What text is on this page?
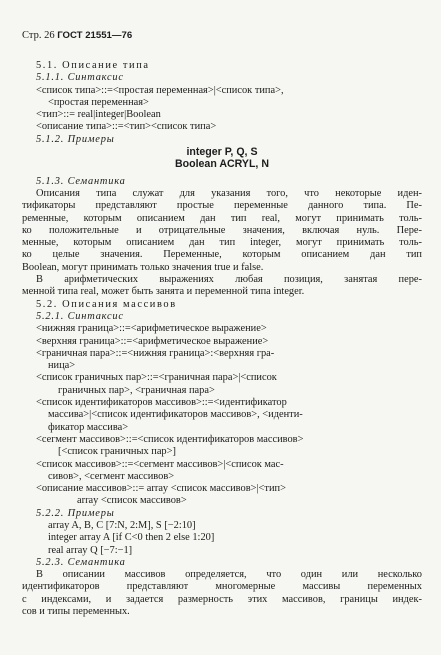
Стр. 26 ГОСТ 21551—76
5.1. Описание типа
5.1.1. Синтаксис
<список типа>::=<простая переменная>|<список типа>,
<простая переменная>
<тип>::= real|integer|Boolean
<описание типа>::=<тип><список типа>
5.1.2. Примеры
integer P, Q, S
Boolean ACRYL, N
5.1.3. Семантика
Описания типа служат для указания того, что некоторые иден-
тификаторы представляют простые переменные данного типа. Пе-
ременные, которым описанием дан тип real, могут принимать толь-
ко положительные и отрицательные значения, включая нуль. Пере-
менные, которым описанием дан тип integer, могут принимать толь-
ко целые значения. Переменные, которым описанием дан тип
Boolean, могут принимать только значения true и false.
В арифметических выражениях любая позиция, занятая пере-
менной типа real, может быть занята и переменной типа integer.
5.2. Описания массивов
5.2.1. Синтаксис
<нижняя граница>::=<арифметическое выражение>
<верхняя граница>::=<арифметическое выражение>
<граничная пара>::=<нижняя граница>:<верхняя гра-
ница>
<список граничных пар>::=<граничная пара>|<список
граничных пар>, <граничная пара>
<список идентификаторов массивов>::=<идентификатор
массива>|<список идентификаторов массивов>, <иденти-
фикатор массива>
<сегмент массивов>::=<список идентификаторов массивов>
[<список граничных пар>]
<список массивов>::=<сегмент массивов>|<список мас-
сивов>, <сегмент массивов>
<описание массивов>::= array <список массивов>|<тип>
array <список массивов>
5.2.2. Примеры
array A, B, C [7:N, 2:M], S [−2:10]
integer array A [if C<0 then 2 else 1:20]
real array Q [−7:−1]
5.2.3. Семантика
В описании массивов определяется, что один или несколько
идентификаторов представляют многомерные массивы переменных
с индексами, и задается размерность этих массивов, границы индек-
сов и типы переменных.
